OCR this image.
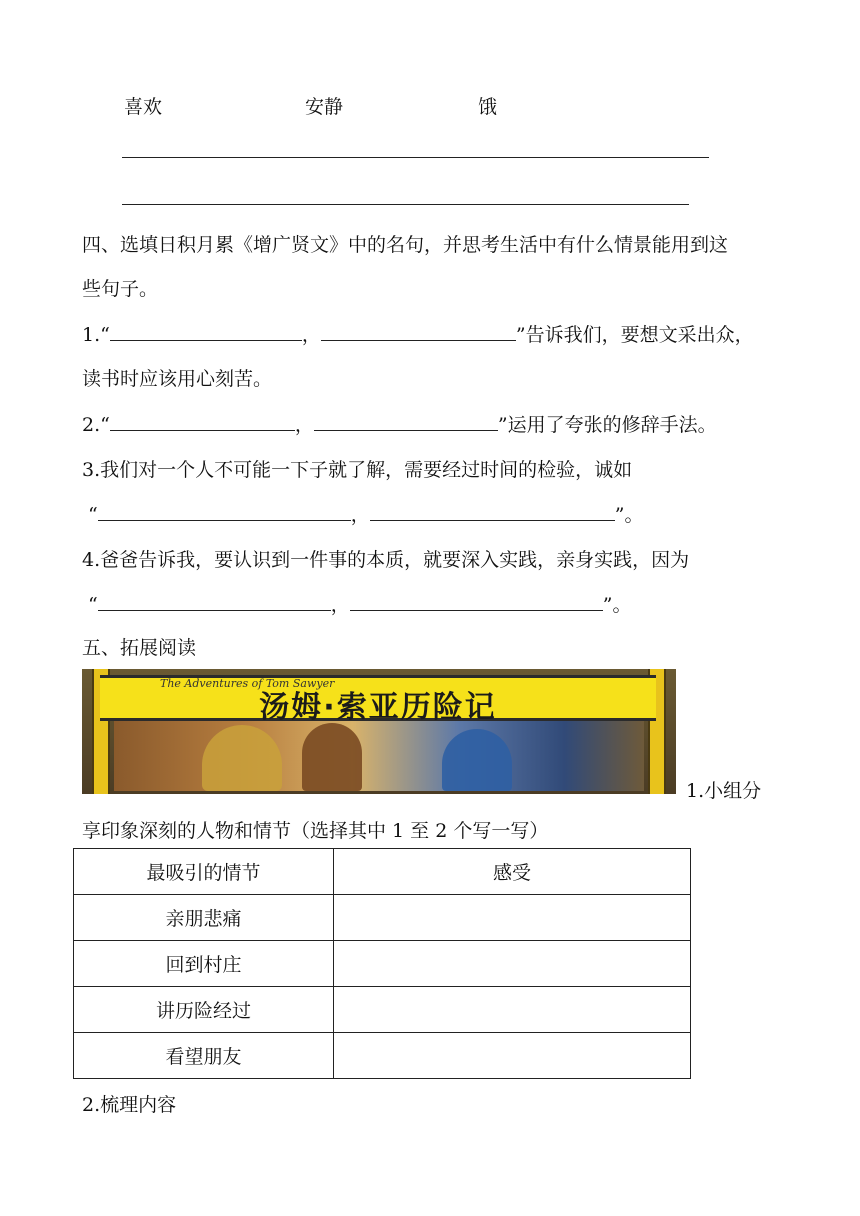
喜欢	安静	饿
四、选填日积月累《增广贤文》中的名句，并思考生活中有什么情景能用到这
些句子。
1.“	，	”告诉我们，要想文采出众，
读书时应该用心刻苦。
2.“	，	”运用了夸张的修辞手法。
3.我们对一个人不可能一下子就了解，需要经过时间的检验，诚如
“	，	”。
4.爸爸告诉我，要认识到一件事的本质，就要深入实践，亲身实践，因为
“	，	”。
五、拓展阅读
The Adventures of Tom Sawyer
汤姆·索亚历险记
1.小组分
享印象深刻的人物和情节（选择其中 1 至 2 个写一写）
最吸引的情节	感受
亲朋悲痛	
回到村庄	
讲历险经过	
看望朋友	
2.梳理内容
